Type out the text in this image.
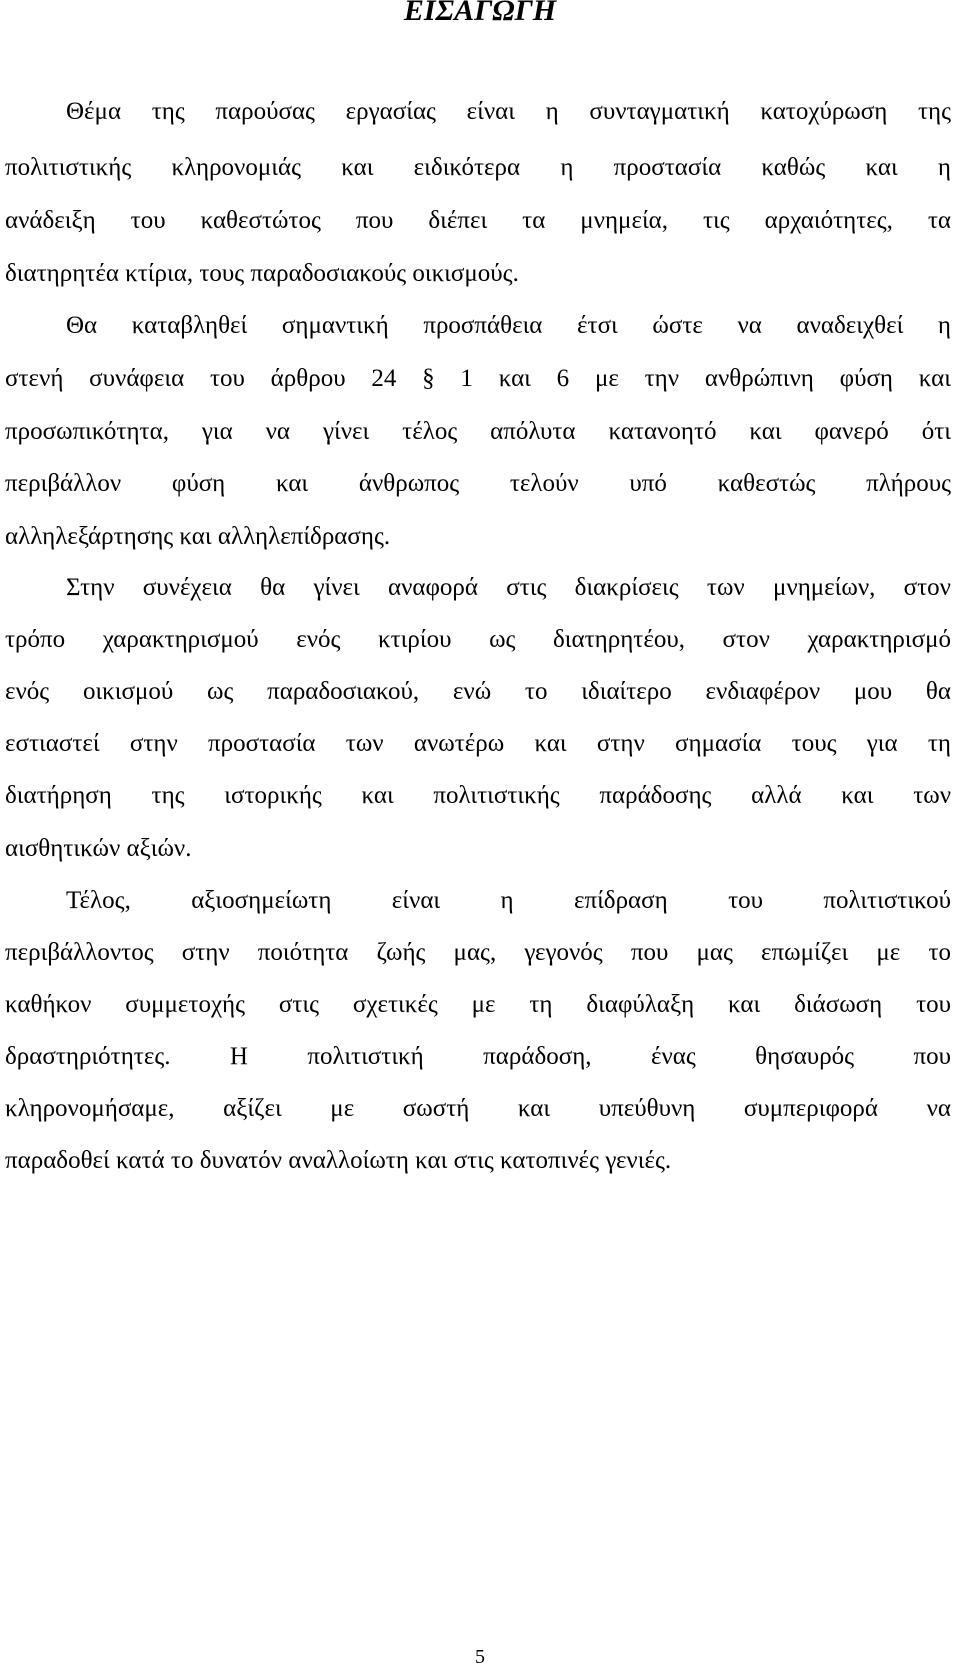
ΕΙΣΑΓΩΓΗ
Θέμα της παρούσας εργασίας είναι η συνταγματική κατοχύρωση της
πολιτιστικής κληρονομιάς και ειδικότερα η προστασία καθώς και η
ανάδειξη του καθεστώτος που διέπει τα μνημεία, τις αρχαιότητες, τα
διατηρητέα κτίρια, τους παραδοσιακούς οικισμούς.
Θα καταβληθεί σημαντική προσπάθεια έτσι ώστε να αναδειχθεί η
στενή συνάφεια του άρθρου 24 § 1 και 6 με την ανθρώπινη φύση και
προσωπικότητα, για να γίνει τέλος απόλυτα κατανοητό και φανερό ότι
περιβάλλον φύση και άνθρωπος τελούν υπό καθεστώς πλήρους
αλληλεξάρτησης και αλληλεπίδρασης.
Στην συνέχεια θα γίνει αναφορά στις διακρίσεις των μνημείων, στον
τρόπο χαρακτηρισμού ενός κτιρίου ως διατηρητέου, στον χαρακτηρισμό
ενός οικισμού ως παραδοσιακού, ενώ το ιδιαίτερο ενδιαφέρον μου θα
εστιαστεί στην προστασία των ανωτέρω και στην σημασία τους για τη
διατήρηση της ιστορικής και πολιτιστικής παράδοσης αλλά και των
αισθητικών αξιών.
Τέλος, αξιοσημείωτη είναι η επίδραση του πολιτιστικού
περιβάλλοντος στην ποιότητα ζωής μας, γεγονός που μας επωμίζει με το
καθήκον συμμετοχής στις σχετικές με τη διαφύλαξη και διάσωση του
δραστηριότητες. Η πολιτιστική παράδοση, ένας θησαυρός που
κληρονομήσαμε, αξίζει με σωστή και υπεύθυνη συμπεριφορά να
παραδοθεί κατά το δυνατόν αναλλοίωτη και στις κατοπινές γενιές.
5
